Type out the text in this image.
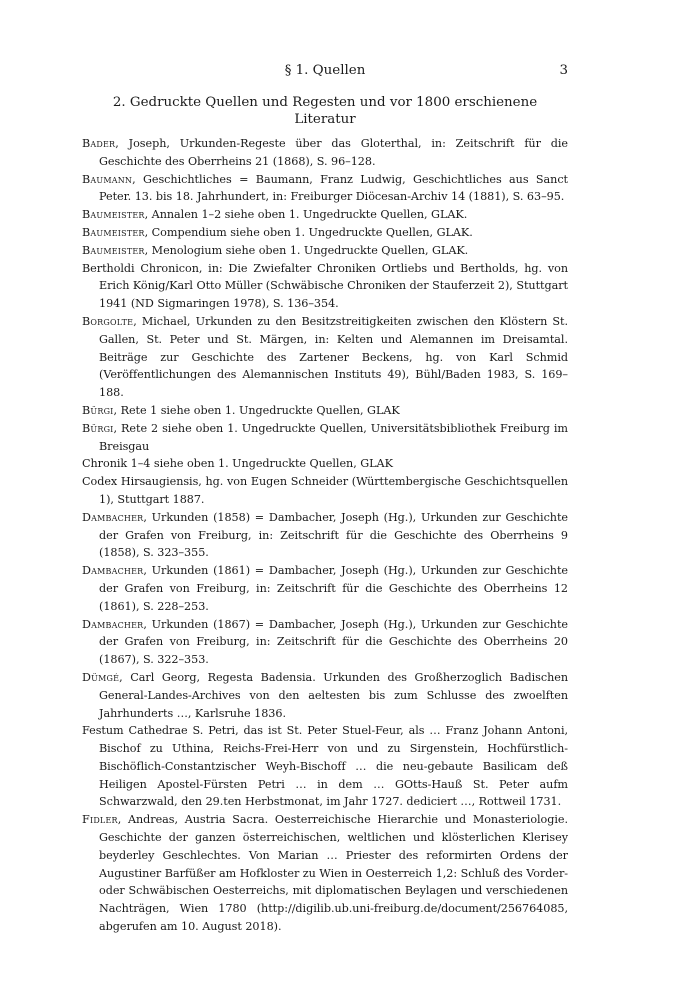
§ 1. Quellen	3
2. Gedruckte Quellen und Regesten und vor 1800 erschienene Literatur
Bader, Joseph, Urkunden-Regeste über das Gloterthal, in: Zeitschrift für die Geschichte des Oberrheins 21 (1868), S. 96–128.
Baumann, Geschichtliches = Baumann, Franz Ludwig, Geschichtliches aus Sanct Peter. 13. bis 18. Jahrhundert, in: Freiburger Diöcesan-Archiv 14 (1881), S. 63–95.
Baumeister, Annalen 1–2 siehe oben 1. Ungedruckte Quellen, GLAK.
Baumeister, Compendium siehe oben 1. Ungedruckte Quellen, GLAK.
Baumeister, Menologium siehe oben 1. Ungedruckte Quellen, GLAK.
Bertholdi Chronicon, in: Die Zwiefalter Chroniken Ortliebs und Bertholds, hg. von Erich König/Karl Otto Müller (Schwäbische Chroniken der Stauferzeit 2), Stuttgart 1941 (ND Sigmaringen 1978), S. 136–354.
Borgolte, Michael, Urkunden zu den Besitzstreitigkeiten zwischen den Klöstern St. Gallen, St. Peter und St. Märgen, in: Kelten und Alemannen im Dreisamtal. Beiträge zur Geschichte des Zartener Beckens, hg. von Karl Schmid (Veröffentlichungen des Alemannischen Instituts 49), Bühl/Baden 1983, S. 169–188.
Bürgi, Rete 1 siehe oben 1. Ungedruckte Quellen, GLAK
Bürgi, Rete 2 siehe oben 1. Ungedruckte Quellen, Universitätsbibliothek Freiburg im Breisgau
Chronik 1–4 siehe oben 1. Ungedruckte Quellen, GLAK
Codex Hirsaugiensis, hg. von Eugen Schneider (Württembergische Geschichtsquellen 1), Stuttgart 1887.
Dambacher, Urkunden (1858) = Dambacher, Joseph (Hg.), Urkunden zur Geschichte der Grafen von Freiburg, in: Zeitschrift für die Geschichte des Oberrheins 9 (1858), S. 323–355.
Dambacher, Urkunden (1861) = Dambacher, Joseph (Hg.), Urkunden zur Geschichte der Grafen von Freiburg, in: Zeitschrift für die Geschichte des Oberrheins 12 (1861), S. 228–253.
Dambacher, Urkunden (1867) = Dambacher, Joseph (Hg.), Urkunden zur Geschichte der Grafen von Freiburg, in: Zeitschrift für die Geschichte des Oberrheins 20 (1867), S. 322–353.
Dümgé, Carl Georg, Regesta Badensia. Urkunden des Großherzoglich Badischen General-Landes-Archives von den aeltesten bis zum Schlusse des zwoelften Jahrhunderts …, Karlsruhe 1836.
Festum Cathedrae S. Petri, das ist St. Peter Stuel-Feur, als … Franz Johann Antoni, Bischof zu Uthina, Reichs-Frei-Herr von und zu Sirgenstein, Hochfürstlich-Bischöflich-Constantzischer Weyh-Bischoff … die neu-gebaute Basilicam deß Heiligen Apostel-Fürsten Petri … in dem … GOtts-Hauß St. Peter aufm Schwarzwald, den 29.ten Herbstmonat, im Jahr 1727. dediciert …, Rottweil 1731.
Fidler, Andreas, Austria Sacra. Oesterreichische Hierarchie und Monasteriologie. Geschichte der ganzen österreichischen, weltlichen und klösterlichen Klerisey beyderley Geschlechtes. Von Marian … Priester des reformirten Ordens der Augustiner Barfüßer am Hofkloster zu Wien in Oesterreich 1,2: Schluß des Vorder- oder Schwäbischen Oesterreichs, mit diplomatischen Beylagen und verschiedenen Nachträgen, Wien 1780 (http://digilib.ub.uni-freiburg.de/document/256764085, abgerufen am 10. August 2018).
